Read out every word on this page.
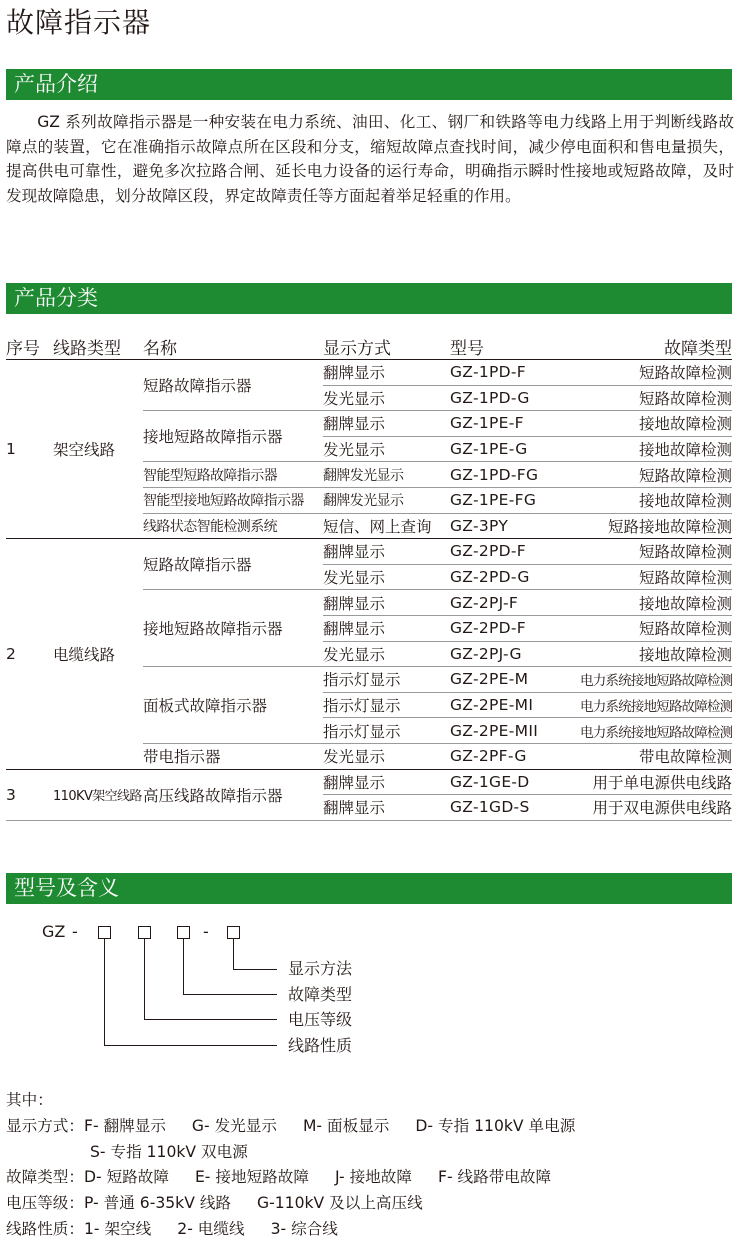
故障指示器
产品介绍

GZ 系列故障指示器是一种安装在电力系统、油田、化工、钢厂和铁路等电力线路上用于判断线路故障点的装置，它在准确指示故障点所在区段和分支，缩短故障点查找时间，减少停电面积和售电量损失，提高供电可靠性，避免多次拉路合闸、延长电力设备的运行寿命，明确指示瞬时性接地或短路故障，及时发现故障隐患，划分故障区段，界定故障责任等方面起着举足轻重的作用。

产品分类
序号	线路类型	名称	显示方式	型号	故障类型
1	架空线路	短路故障指示器	翻牌显示	GZ-1PD-F	短路故障检测
			发光显示	GZ-1PD-G	短路故障检测
		接地短路故障指示器	翻牌显示	GZ-1PE-F	接地故障检测
			发光显示	GZ-1PE-G	接地故障检测
		智能型短路故障指示器	翻牌发光显示	GZ-1PD-FG	短路故障检测
		智能型接地短路故障指示器	翻牌发光显示	GZ-1PE-FG	接地故障检测
		线路状态智能检测系统	短信、网上查询	GZ-3PY	短路接地故障检测
2	电缆线路	短路故障指示器	翻牌显示	GZ-2PD-F	短路故障检测
			发光显示	GZ-2PD-G	短路故障检测
		接地短路故障指示器	翻牌显示	GZ-2PJ-F	接地故障检测
			翻牌显示	GZ-2PD-F	短路故障检测
			发光显示	GZ-2PJ-G	接地故障检测
		面板式故障指示器	指示灯显示	GZ-2PE-M	电力系统接地短路故障检测
			指示灯显示	GZ-2PE-MI	电力系统接地短路故障检测
			指示灯显示	GZ-2PE-MII	电力系统接地短路故障检测
		带电指示器	发光显示	GZ-2PF-G	带电故障检测
3	110KV架空线路	高压线路故障指示器	翻牌显示	GZ-1GE-D	用于单电源供电线路
			翻牌显示	GZ-1GD-S	用于双电源供电线路
型号及含义
GZ -	-
显示方法
故障类型
电压等级
线路性质
其中：
显示方式：F- 翻牌显示 G- 发光显示 M- 面板显示 D- 专指 110kV 单电源
S- 专指 110kV 双电源
故障类型：D- 短路故障 E- 接地短路故障 J- 接地故障 F- 线路带电故障
电压等级：P- 普通 6-35kV 线路 G-110kV 及以上高压线
线路性质：1- 架空线 2- 电缆线 3- 综合线
